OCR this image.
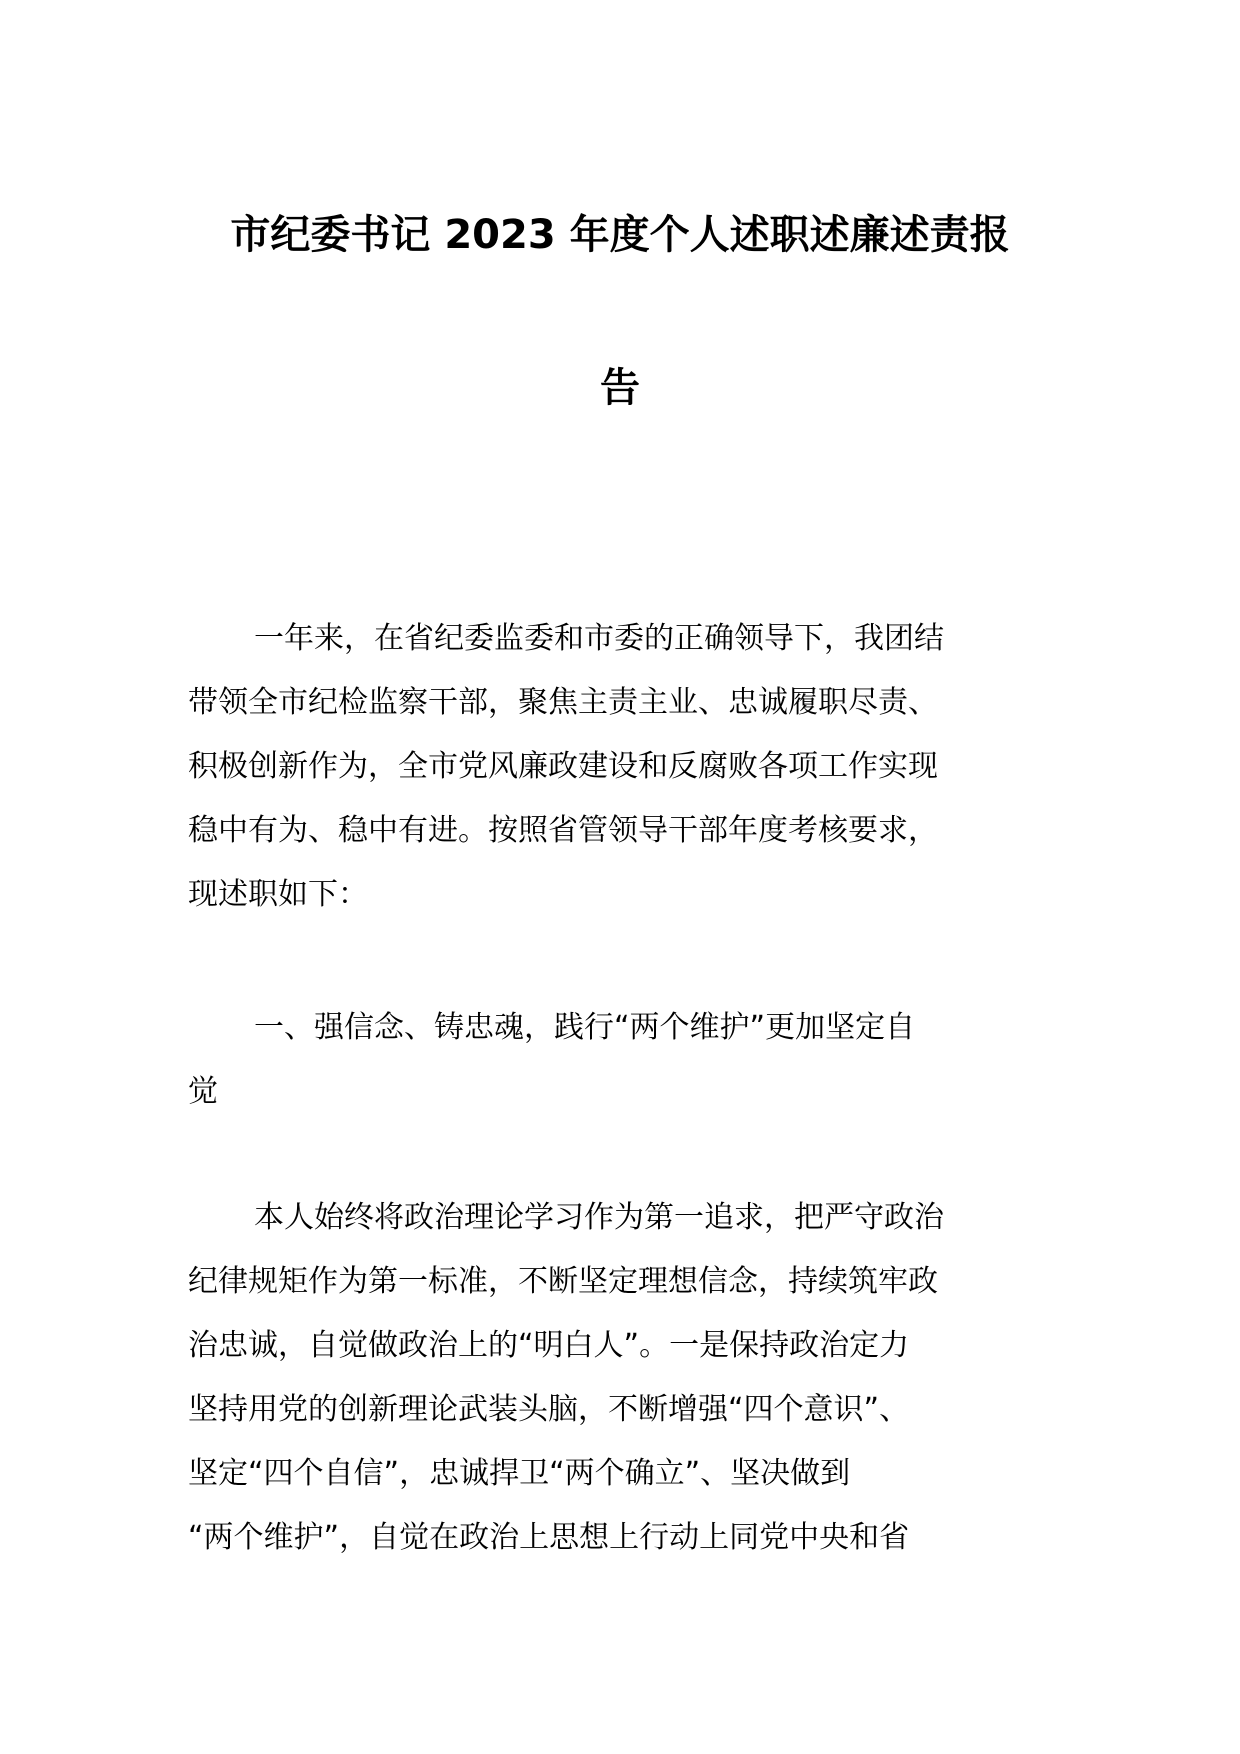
市纪委书记 2023 年度个人述职述廉述责报
告
一年来，在省纪委监委和市委的正确领导下，我团结
带领全市纪检监察干部，聚焦主责主业、忠诚履职尽责、
积极创新作为，全市党风廉政建设和反腐败各项工作实现
稳中有为、稳中有进。按照省管领导干部年度考核要求，
现述职如下：
一、强信念、铸忠魂，践行“两个维护”更加坚定自
觉
本人始终将政治理论学习作为第一追求，把严守政治
纪律规矩作为第一标准，不断坚定理想信念，持续筑牢政
治忠诚，自觉做政治上的“明白人”。一是保持政治定力
坚持用党的创新理论武装头脑，不断增强“四个意识”、
坚定“四个自信”，忠诚捍卫“两个确立”、坚决做到
“两个维护”，自觉在政治上思想上行动上同党中央和省
